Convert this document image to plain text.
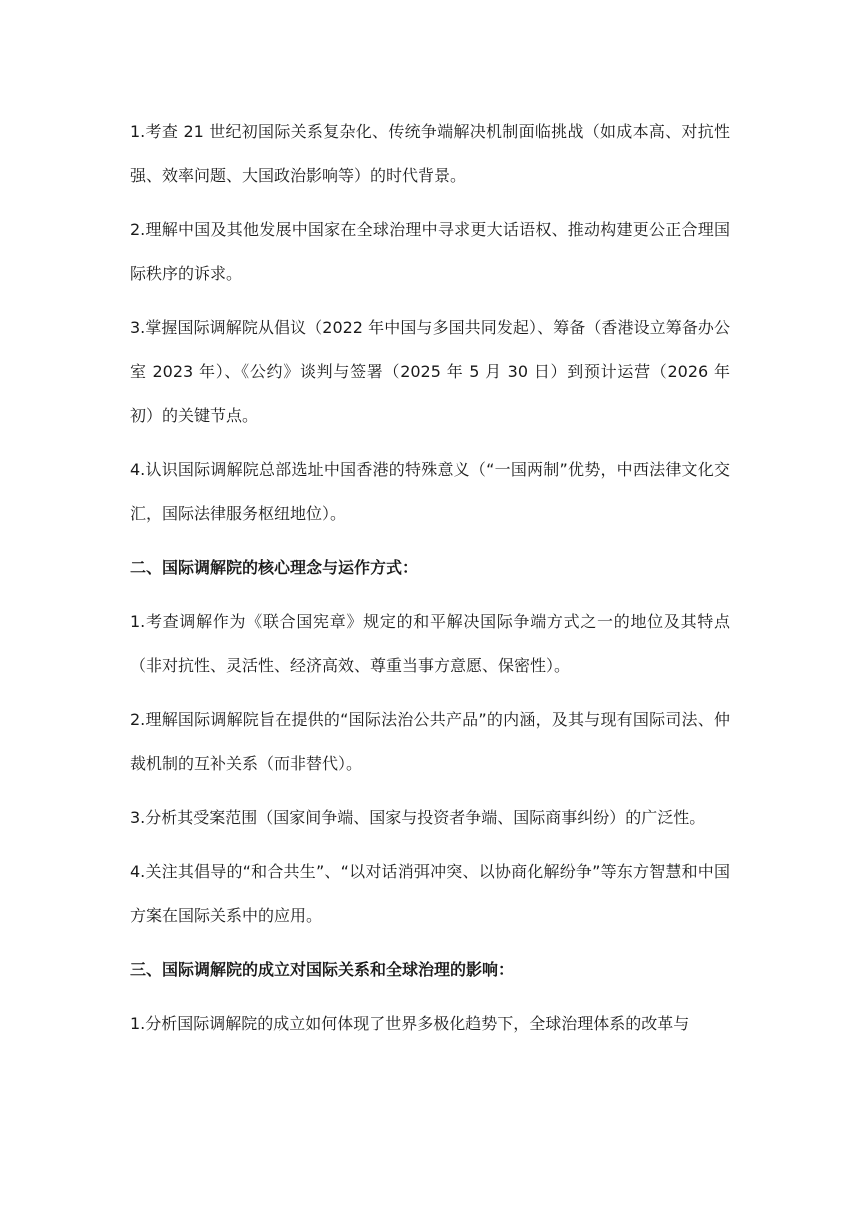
1.考查 21 世纪初国际关系复杂化、传统争端解决机制面临挑战（如成本高、对抗性强、效率问题、大国政治影响等）的时代背景。

2.理解中国及其他发展中国家在全球治理中寻求更大话语权、推动构建更公正合理国际秩序的诉求。

3.掌握国际调解院从倡议（2022 年中国与多国共同发起）、筹备（香港设立筹备办公室 2023 年）、《公约》谈判与签署（2025 年 5 月 30 日）到预计运营（2026 年初）的关键节点。

4.认识国际调解院总部选址中国香港的特殊意义（“一国两制”优势，中西法律文化交汇，国际法律服务枢纽地位）。

二、国际调解院的核心理念与运作方式：

1.考查调解作为《联合国宪章》规定的和平解决国际争端方式之一的地位及其特点（非对抗性、灵活性、经济高效、尊重当事方意愿、保密性）。

2.理解国际调解院旨在提供的“国际法治公共产品”的内涵，及其与现有国际司法、仲裁机制的互补关系（而非替代）。

3.分析其受案范围（国家间争端、国家与投资者争端、国际商事纠纷）的广泛性。

4.关注其倡导的“和合共生”、“以对话消弭冲突、以协商化解纷争”等东方智慧和中国方案在国际关系中的应用。

三、国际调解院的成立对国际关系和全球治理的影响：

1.分析国际调解院的成立如何体现了世界多极化趋势下，全球治理体系的改革与
